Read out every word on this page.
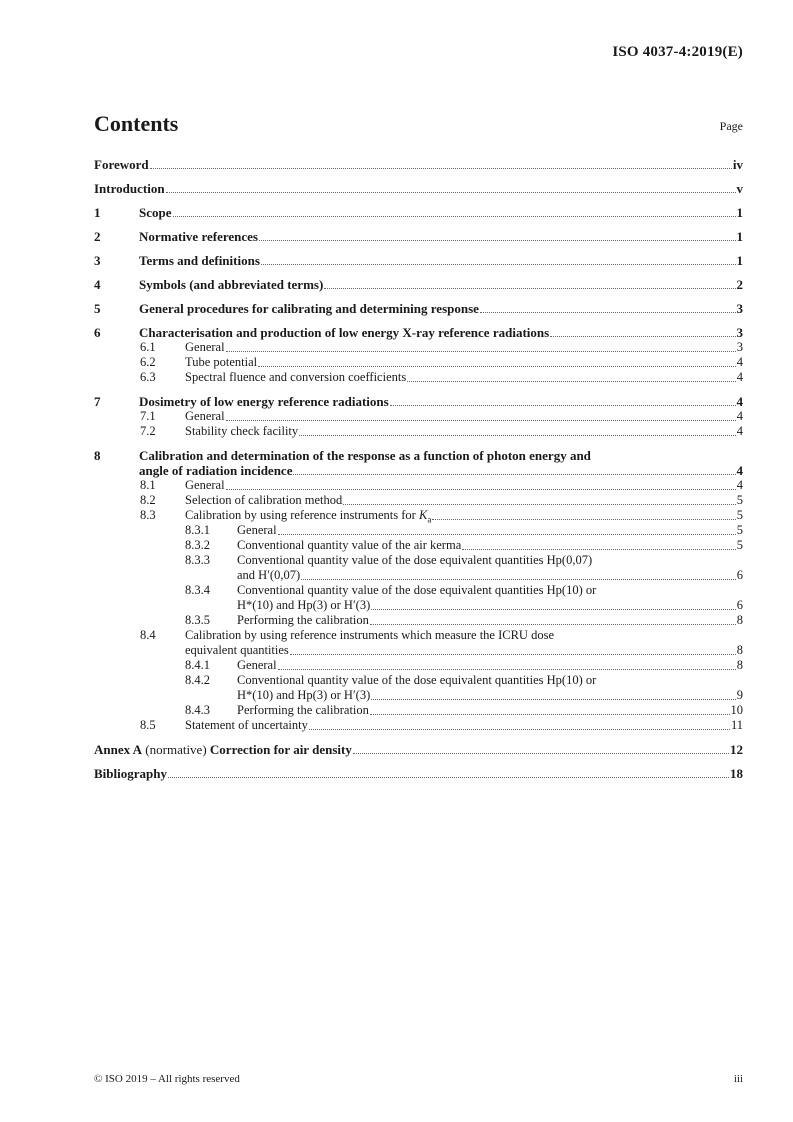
ISO 4037-4:2019(E)
Contents	Page
Foreword	iv
Introduction	v
1	Scope	1
2	Normative references	1
3	Terms and definitions	1
4	Symbols (and abbreviated terms)	2
5	General procedures for calibrating and determining response	3
6	Characterisation and production of low energy X-ray reference radiations	3
6.1	General	3
6.2	Tube potential	4
6.3	Spectral fluence and conversion coefficients	4
7	Dosimetry of low energy reference radiations	4
7.1	General	4
7.2	Stability check facility	4
8	Calibration and determination of the response as a function of photon energy and
angle of radiation incidence	4
8.1	General	4
8.2	Selection of calibration method	5
8.3	Calibration by using reference instruments for $K_a$	5
8.3.1	General	5
8.3.2	Conventional quantity value of the air kerma	5
8.3.3	Conventional quantity value of the dose equivalent quantities Hp(0,07)
and H′(0,07)	6
8.3.4	Conventional quantity value of the dose equivalent quantities Hp(10) or
H*(10) and Hp(3) or H′(3)	6
8.3.5	Performing the calibration	8
8.4	Calibration by using reference instruments which measure the ICRU dose
equivalent quantities	8
8.4.1	General	8
8.4.2	Conventional quantity value of the dose equivalent quantities Hp(10) or
H*(10) and Hp(3) or H′(3)	9
8.4.3	Performing the calibration	10
8.5	Statement of uncertainty	11
Annex A (normative) Correction for air density	12
Bibliography	18
© ISO 2019 – All rights reserved	iii
